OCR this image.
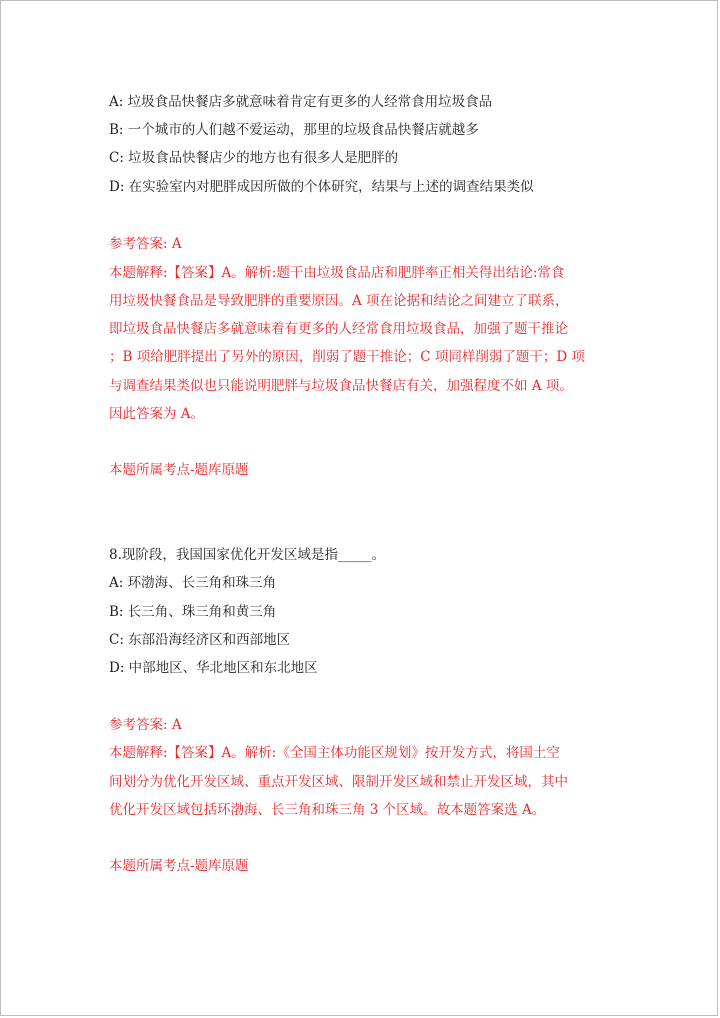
A: 垃圾食品快餐店多就意味着肯定有更多的人经常食用垃圾食品
B: 一个城市的人们越不爱运动，那里的垃圾食品快餐店就越多
C: 垃圾食品快餐店少的地方也有很多人是肥胖的
D: 在实验室内对肥胖成因所做的个体研究，结果与上述的调查结果类似
参考答案: A
本题解释:【答案】A。解析:题干由垃圾食品店和肥胖率正相关得出结论:常食
用垃圾快餐食品是导致肥胖的重要原因。A 项在论据和结论之间建立了联系，
即垃圾食品快餐店多就意味着有更多的人经常食用垃圾食品，加强了题干推论
；B 项给肥胖提出了另外的原因，削弱了题干推论；C 项同样削弱了题干；D 项
与调查结果类似也只能说明肥胖与垃圾食品快餐店有关，加强程度不如 A 项。
因此答案为 A。
本题所属考点-题库原题
8.现阶段，我国国家优化开发区域是指_____。
A: 环渤海、长三角和珠三角
B: 长三角、珠三角和黄三角
C: 东部沿海经济区和西部地区
D: 中部地区、华北地区和东北地区
参考答案: A
本题解释:【答案】A。解析:《全国主体功能区规划》按开发方式，将国土空
间划分为优化开发区域、重点开发区域、限制开发区域和禁止开发区域，其中
优化开发区域包括环渤海、长三角和珠三角 3 个区域。故本题答案选 A。
本题所属考点-题库原题
